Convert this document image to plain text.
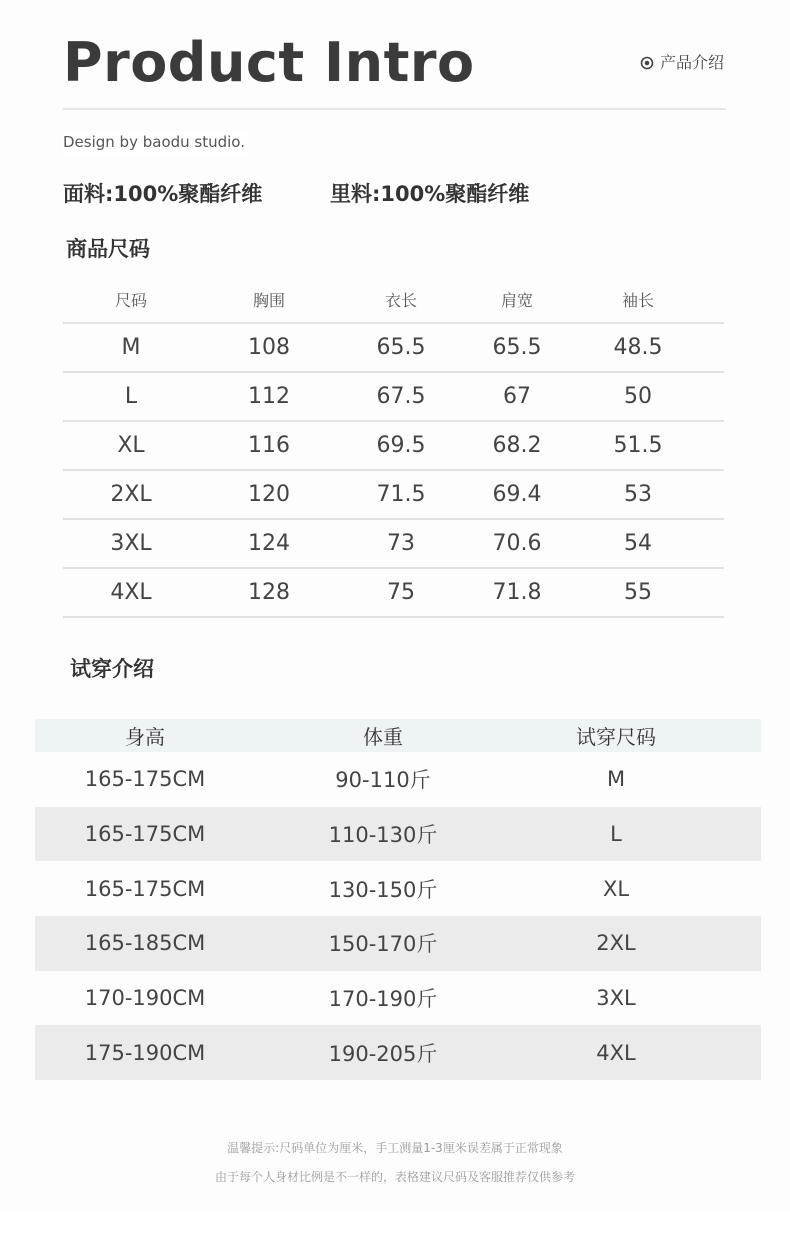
Product Intro	产品介绍
Design by baodu studio.
面料:100%聚酯纤维	里料:100%聚酯纤维
商品尺码
尺码	胸围	衣长	肩宽	袖长
M	108	65.5	65.5	48.5
L	112	67.5	67	50
XL	116	69.5	68.2	51.5
2XL	120	71.5	69.4	53
3XL	124	73	70.6	54
4XL	128	75	71.8	55
试穿介绍
身高	体重	试穿尺码
165-175CM	90-110斤	M
165-175CM	110-130斤	L
165-175CM	130-150斤	XL
165-185CM	150-170斤	2XL
170-190CM	170-190斤	3XL
175-190CM	190-205斤	4XL
温馨提示:尺码单位为厘米，手工测量1-3厘米误差属于正常现象
由于每个人身材比例是不一样的，表格建议尺码及客服推荐仅供参考
